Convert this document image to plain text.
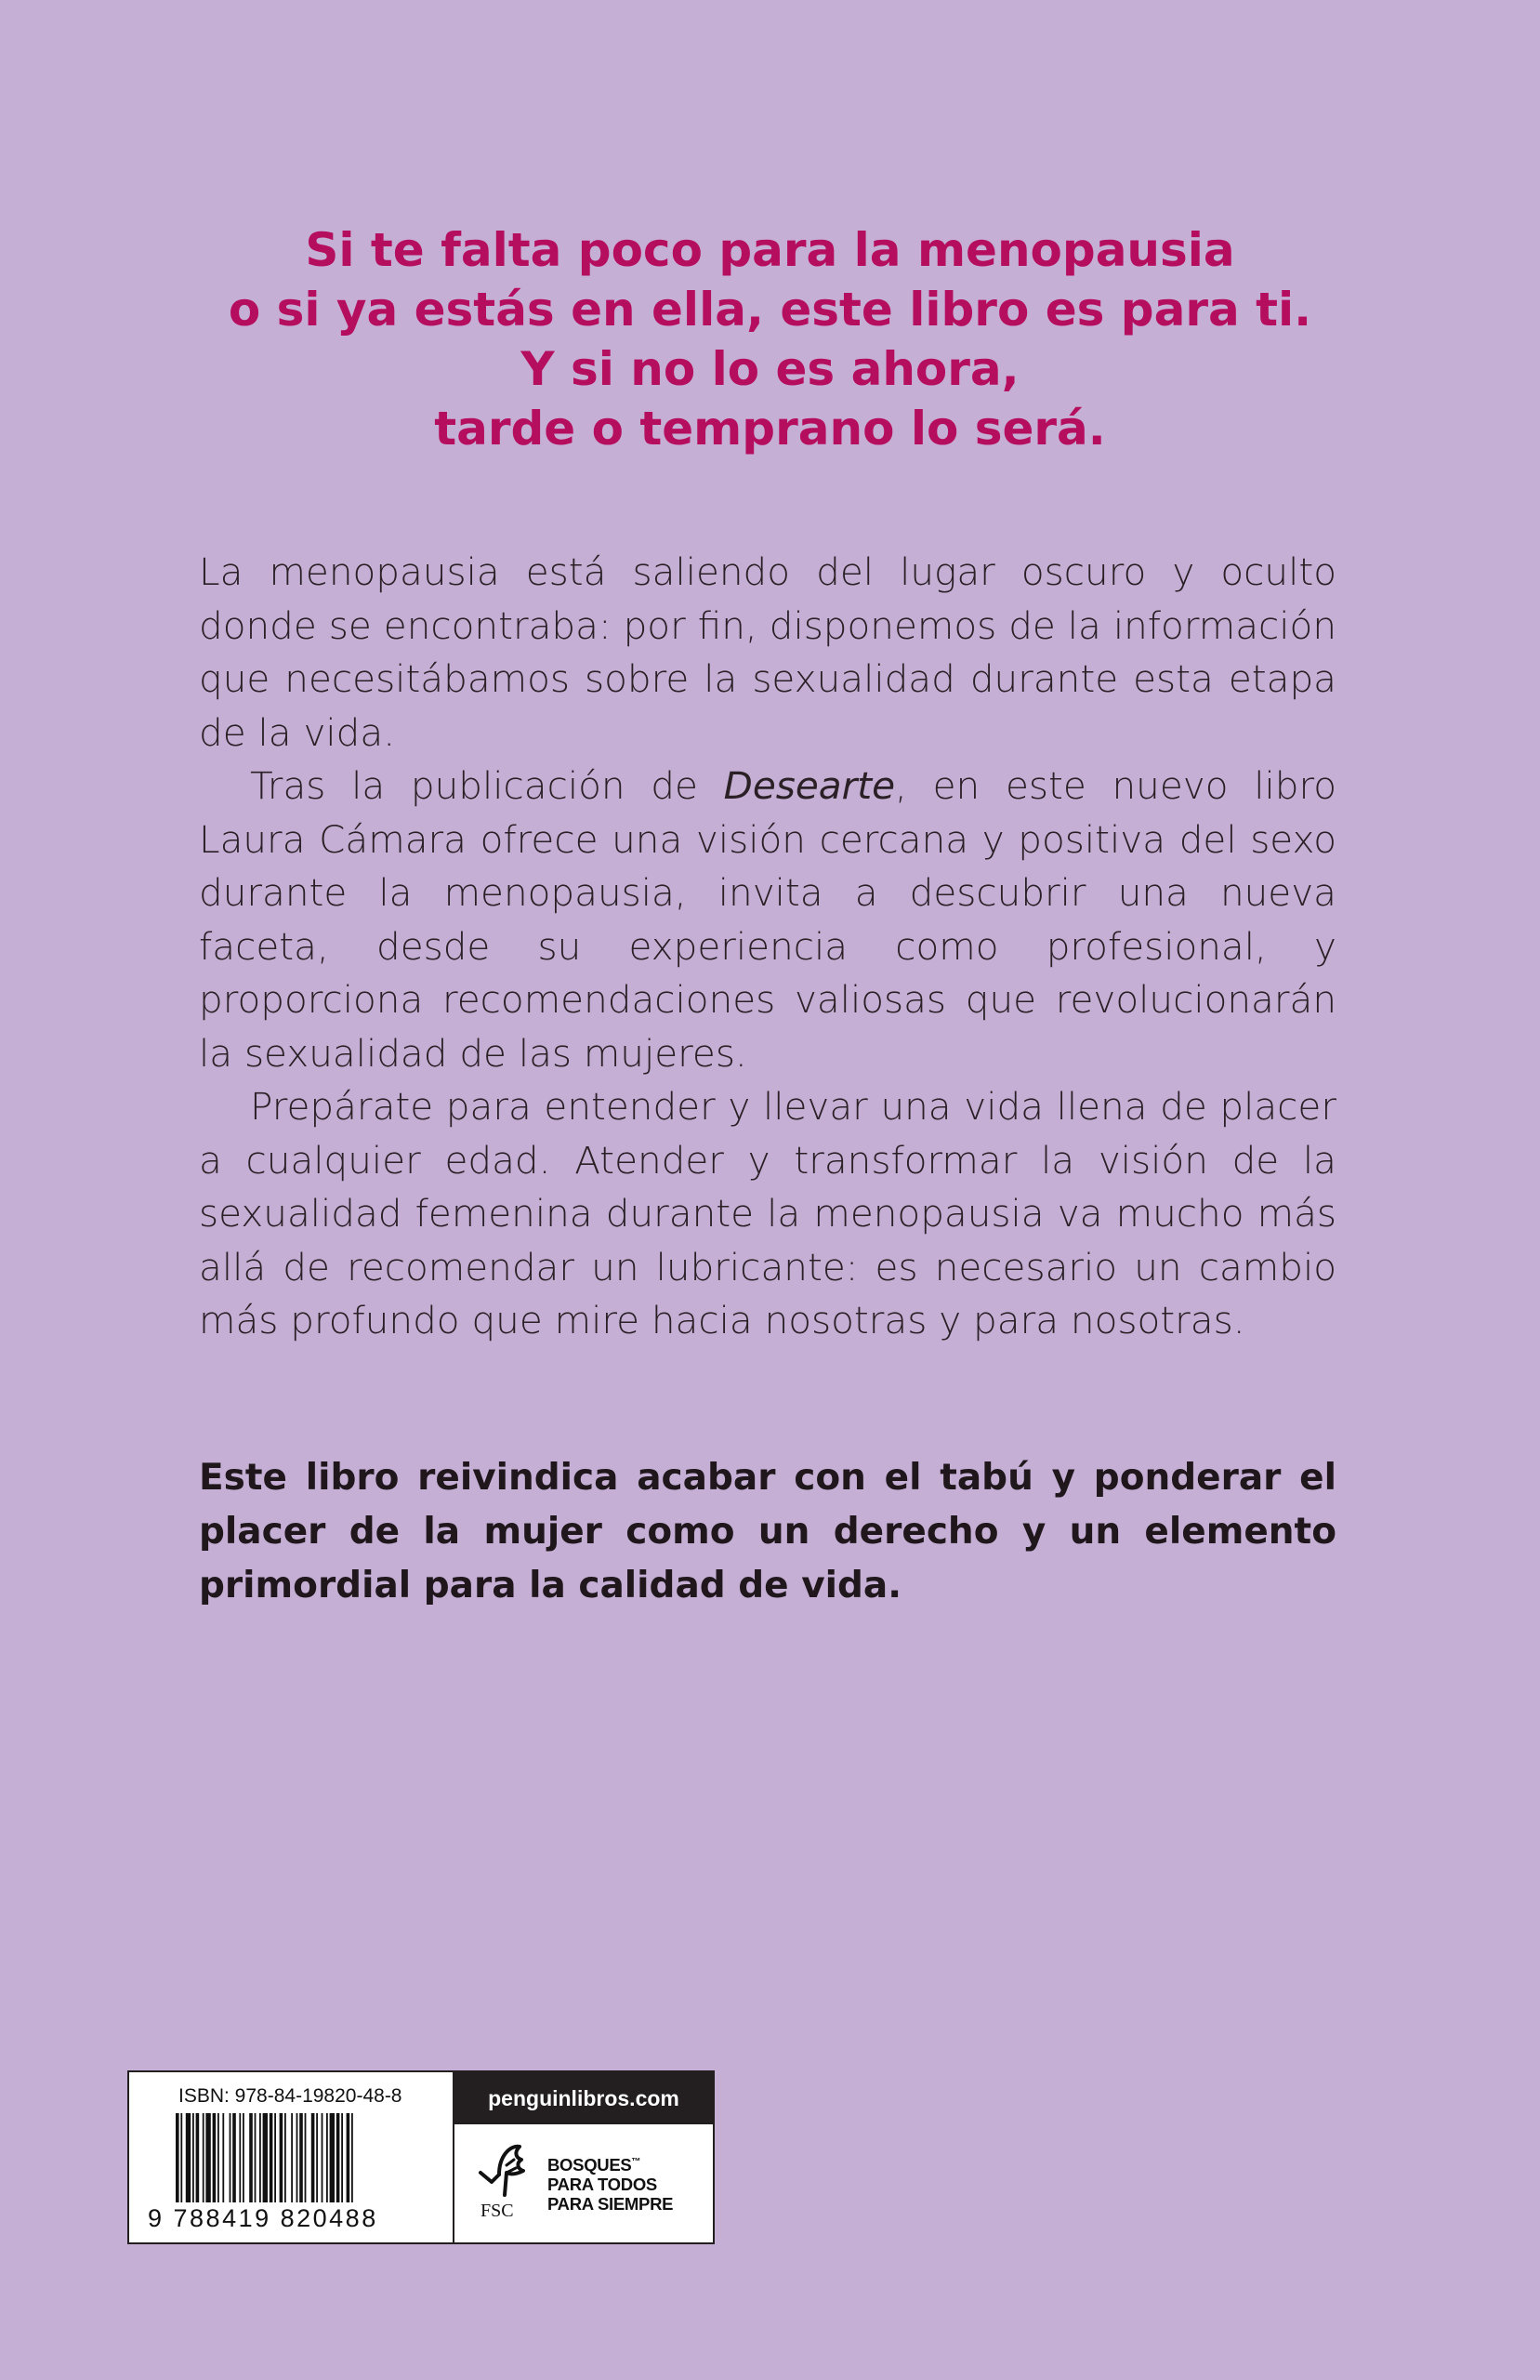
Si te falta poco para la menopausia
o si ya estás en ella, este libro es para ti.
Y si no lo es ahora,
tarde o temprano lo será.

La menopausia está saliendo del lugar oscuro y oculto donde se encontraba: por fin, disponemos de la información que necesitábamos sobre la sexualidad durante esta etapa de la vida.

Tras la publicación de Desearte, en este nuevo libro Laura Cámara ofrece una visión cercana y positiva del sexo durante la menopausia, invita a descubrir una nueva faceta, desde su experiencia como profesional, y proporciona recomendaciones valiosas que revolucionarán la sexualidad de las mujeres.

Prepárate para entender y llevar una vida llena de placer a cualquier edad. Atender y transformar la visión de la sexualidad femenina durante la menopausia va mucho más allá de recomendar un lubricante: es necesario un cambio más profundo que mire hacia nosotras y para nosotras.

Este libro reivindica acabar con el tabú y ponderar el placer de la mujer como un derecho y un elemento primordial para la calidad de vida.
ISBN: 978-84-19820-48-8
9 788419 820488
penguinlibros.com
FSC
BOSQUES™
PARA TODOS
PARA SIEMPRE
